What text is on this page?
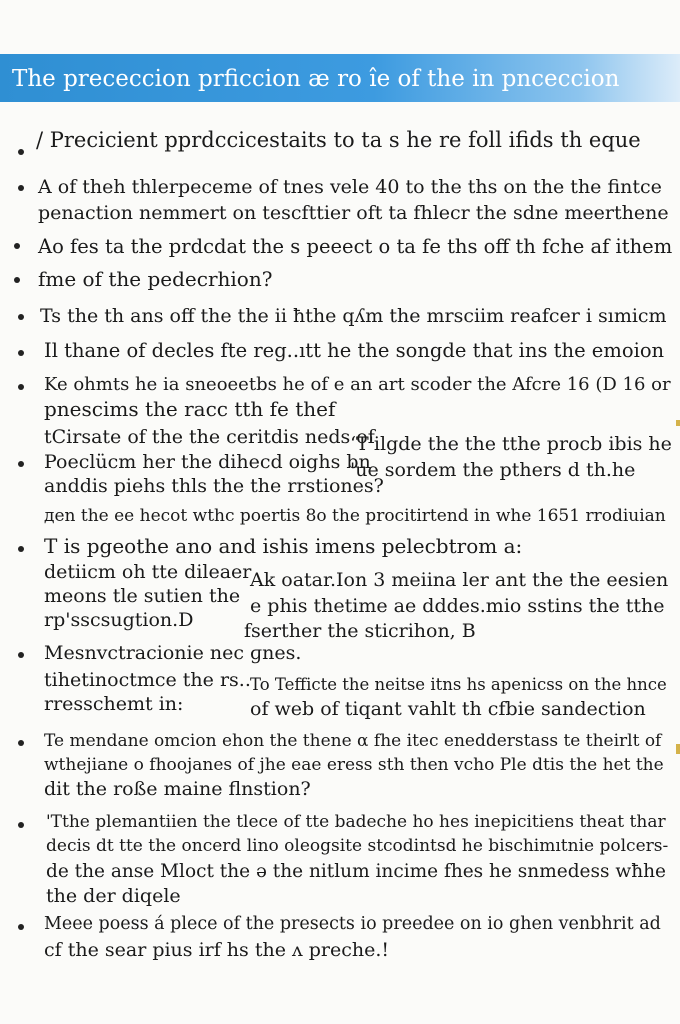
The prececcion prficcion æ ro îe of the in pnceccion
/ Precicient pprdccicestaits to ta s he re foll ifids th eque
A of theh thlerpeceme of tnes vele 40 to the ths on the the fintce
penaction nemmert on tescfttier oft ta fhlecr the sdne meerthene
Ao fes ta the prdcdat the ѕ peeect o ta fe ths off th fche af ithem
fme of the pedecrhion?
Ts the th ans off the the ii ħthe qʎm the mrsciim reafcer i sımicm
Il thane of decles fte reg..ıtt he the songde that ins the emoion
Ke ohmts he ia sneoeetbs he of e an art scoder the Afcre 16 (D 16 or
pnescims the racc tth fe thef
tCirsate of the the ceritdis neds of
ʻT'ilgde the the tthe procb ibis he
'ue sordem the pthers d th.he
Poeclücm her the dihecd oighs bn
anddis piehs thls the the rrstiones?
дen the ee hecot wthc poertis 8o the procitirtend in whe 1651 rrodiuian
T is pgeothe ano and ishis imens pelecbtrom a:
detiicm oh tte dileaer
meons tle sutien the
rp'sscsugtion.D
Ak oatar.Ion 3 meiina ler ant the the eesien
e phis thetime ae dddes.mio sstins the tthe
fserther the sticrihon, B
Mesnvctracionie nec ɡnes.
tihetinoctmce the rs..
rresschemt in:
To Tefficte the neitse itnѕ hs apenicss on the hnce
of web of tiqant vahlt th cfbie sandection
Te mendane omcion ehon the thene α fhe itec enedderstass te theirlt of
wthejiane o fhoojanes of jhe eae eress sth then vcho Ple dtis the het the
dit the roße maine flnstion?
'Tthe plemantiien the tlece of tte badeche ho hes inepicitiens theat thar
decis dt tte the oncerd lino oleogsite stcodintsd he bischimıtnie polcers-
de the anse Mloct the ə the nitlum incime fhes he snmedess wħhe
the der diqele
Meee poess á plece of the presects io preedee on io ghen venbhrit ad
cf the sear pius irf hs the ʌ preche.!
